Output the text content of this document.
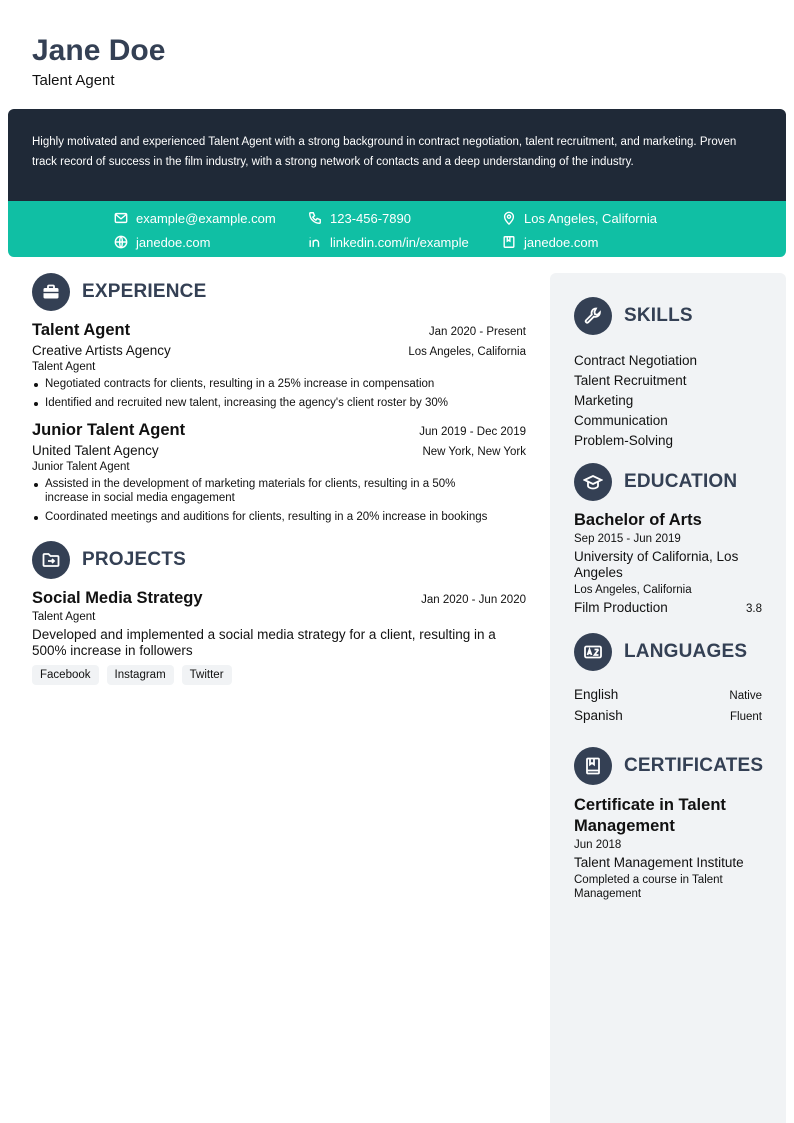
Jane Doe
Talent Agent
Highly motivated and experienced Talent Agent with a strong background in contract negotiation, talent recruitment, and marketing. Proven track record of success in the film industry, with a strong network of contacts and a deep understanding of the industry.
example@example.com	123-456-7890	Los Angeles, California
janedoe.com	linkedin.com/in/example	janedoe.com
EXPERIENCE
Talent Agent	Jan 2020 - Present
Creative Artists Agency	Los Angeles, California
Talent Agent
Negotiated contracts for clients, resulting in a 25% increase in compensation
Identified and recruited new talent, increasing the agency's client roster by 30%
Junior Talent Agent	Jun 2019 - Dec 2019
United Talent Agency	New York, New York
Junior Talent Agent
Assisted in the development of marketing materials for clients, resulting in a 50% increase in social media engagement
Coordinated meetings and auditions for clients, resulting in a 20% increase in bookings
PROJECTS
Social Media Strategy	Jan 2020 - Jun 2020
Talent Agent
Developed and implemented a social media strategy for a client, resulting in a 500% increase in followers
Facebook	Instagram	Twitter
SKILLS
Contract Negotiation
Talent Recruitment
Marketing
Communication
Problem-Solving
EDUCATION
Bachelor of Arts
Sep 2015 - Jun 2019
University of California, Los Angeles
Los Angeles, California
Film Production	3.8
LANGUAGES
English	Native
Spanish	Fluent
CERTIFICATES
Certificate in Talent Management
Jun 2018
Talent Management Institute
Completed a course in Talent Management
